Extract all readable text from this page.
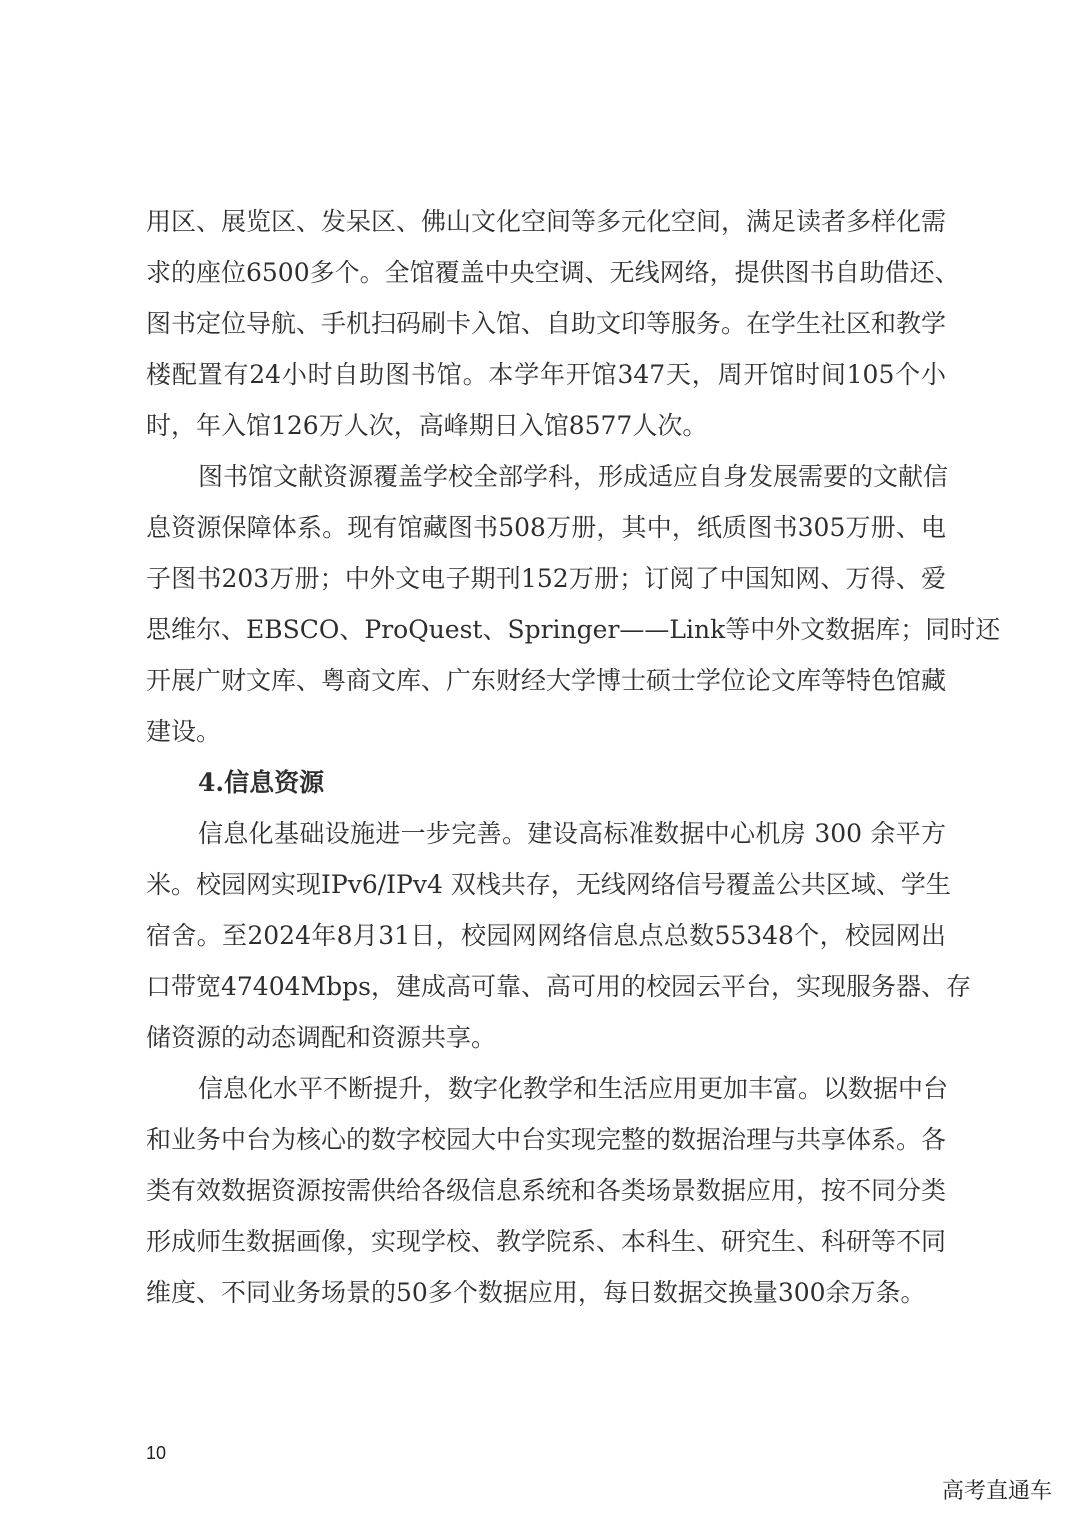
用区、展览区、发呆区、佛山文化空间等多元化空间，满足读者多样化需
求的座位6500多个。全馆覆盖中央空调、无线网络，提供图书自助借还、
图书定位导航、手机扫码刷卡入馆、自助文印等服务。在学生社区和教学
楼配置有24小时自助图书馆。本学年开馆347天，周开馆时间105个小
时，年入馆126万人次，高峰期日入馆8577人次。
图书馆文献资源覆盖学校全部学科，形成适应自身发展需要的文献信
息资源保障体系。现有馆藏图书508万册，其中，纸质图书305万册、电
子图书203万册；中外文电子期刊152万册；订阅了中国知网、万得、爱
思维尔、EBSCO、ProQuest、Springer——Link等中外文数据库；同时还
开展广财文库、粤商文库、广东财经大学博士硕士学位论文库等特色馆藏
建设。
4.信息资源
信息化基础设施进一步完善。建设高标准数据中心机房 300 余平方
米。校园网实现IPv6/IPv4 双栈共存，无线网络信号覆盖公共区域、学生
宿舍。至2024年8月31日，校园网网络信息点总数55348个，校园网出
口带宽47404Mbps，建成高可靠、高可用的校园云平台，实现服务器、存
储资源的动态调配和资源共享。
信息化水平不断提升，数字化教学和生活应用更加丰富。以数据中台
和业务中台为核心的数字校园大中台实现完整的数据治理与共享体系。各
类有效数据资源按需供给各级信息系统和各类场景数据应用，按不同分类
形成师生数据画像，实现学校、教学院系、本科生、研究生、科研等不同
维度、不同业务场景的50多个数据应用，每日数据交换量300余万条。
10
高考直通车
